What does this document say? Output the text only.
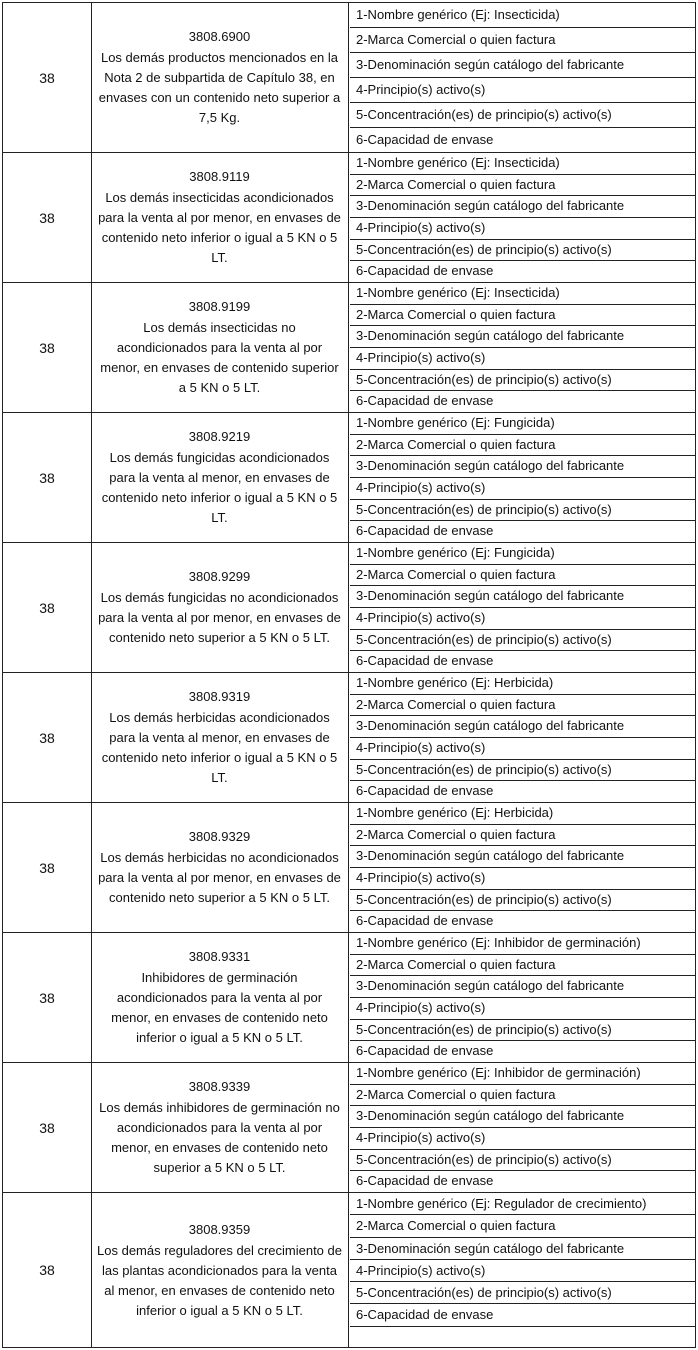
38
3808.6900
Los demás productos mencionados en la Nota 2 de subpartida de Capítulo 38, en envases con un contenido neto superior a 7,5 Kg.
1-Nombre genérico (Ej: Insecticida)
2-Marca Comercial o quien factura
3-Denominación según catálogo del fabricante
4-Principio(s) activo(s)
5-Concentración(es) de principio(s) activo(s)
6-Capacidad de envase
38
3808.9119
Los demás insecticidas acondicionados para la venta al por menor, en envases de contenido neto inferior o igual a 5 KN o 5 LT.
1-Nombre genérico (Ej: Insecticida)
2-Marca Comercial o quien factura
3-Denominación según catálogo del fabricante
4-Principio(s) activo(s)
5-Concentración(es) de principio(s) activo(s)
6-Capacidad de envase
38
3808.9199
Los demás insecticidas no acondicionados para la venta al por menor, en envases de contenido superior a 5 KN o 5 LT.
1-Nombre genérico (Ej: Insecticida)
2-Marca Comercial o quien factura
3-Denominación según catálogo del fabricante
4-Principio(s) activo(s)
5-Concentración(es) de principio(s) activo(s)
6-Capacidad de envase
38
3808.9219
Los demás fungicidas acondicionados para la venta al menor, en envases de contenido neto inferior o igual a 5 KN o 5 LT.
1-Nombre genérico (Ej: Fungicida)
2-Marca Comercial o quien factura
3-Denominación según catálogo del fabricante
4-Principio(s) activo(s)
5-Concentración(es) de principio(s) activo(s)
6-Capacidad de envase
38
3808.9299
Los demás fungicidas no acondicionados para la venta al por menor, en envases de contenido neto superior a 5 KN o 5 LT.
1-Nombre genérico (Ej: Fungicida)
2-Marca Comercial o quien factura
3-Denominación según catálogo del fabricante
4-Principio(s) activo(s)
5-Concentración(es) de principio(s) activo(s)
6-Capacidad de envase
38
3808.9319
Los demás herbicidas acondicionados para la venta al menor, en envases de contenido neto inferior o igual a 5 KN o 5 LT.
1-Nombre genérico (Ej: Herbicida)
2-Marca Comercial o quien factura
3-Denominación según catálogo del fabricante
4-Principio(s) activo(s)
5-Concentración(es) de principio(s) activo(s)
6-Capacidad de envase
38
3808.9329
Los demás herbicidas no acondicionados para la venta al por menor, en envases de contenido neto superior a 5 KN o 5 LT.
1-Nombre genérico (Ej: Herbicida)
2-Marca Comercial o quien factura
3-Denominación según catálogo del fabricante
4-Principio(s) activo(s)
5-Concentración(es) de principio(s) activo(s)
6-Capacidad de envase
38
3808.9331
Inhibidores de germinación acondicionados para la venta al por menor, en envases de contenido neto inferior o igual a 5 KN o 5 LT.
1-Nombre genérico (Ej: Inhibidor de germinación)
2-Marca Comercial o quien factura
3-Denominación según catálogo del fabricante
4-Principio(s) activo(s)
5-Concentración(es) de principio(s) activo(s)
6-Capacidad de envase
38
3808.9339
Los demás inhibidores de germinación no acondicionados para la venta al por menor, en envases de contenido neto superior a 5 KN o 5 LT.
1-Nombre genérico (Ej: Inhibidor de germinación)
2-Marca Comercial o quien factura
3-Denominación según catálogo del fabricante
4-Principio(s) activo(s)
5-Concentración(es) de principio(s) activo(s)
6-Capacidad de envase
38
3808.9359
Los demás reguladores del crecimiento de las plantas acondicionados para la venta al menor, en envases de contenido neto inferior o igual a 5 KN o 5 LT.
1-Nombre genérico (Ej: Regulador de crecimiento)
2-Marca Comercial o quien factura
3-Denominación según catálogo del fabricante
4-Principio(s) activo(s)
5-Concentración(es) de principio(s) activo(s)
6-Capacidad de envase
